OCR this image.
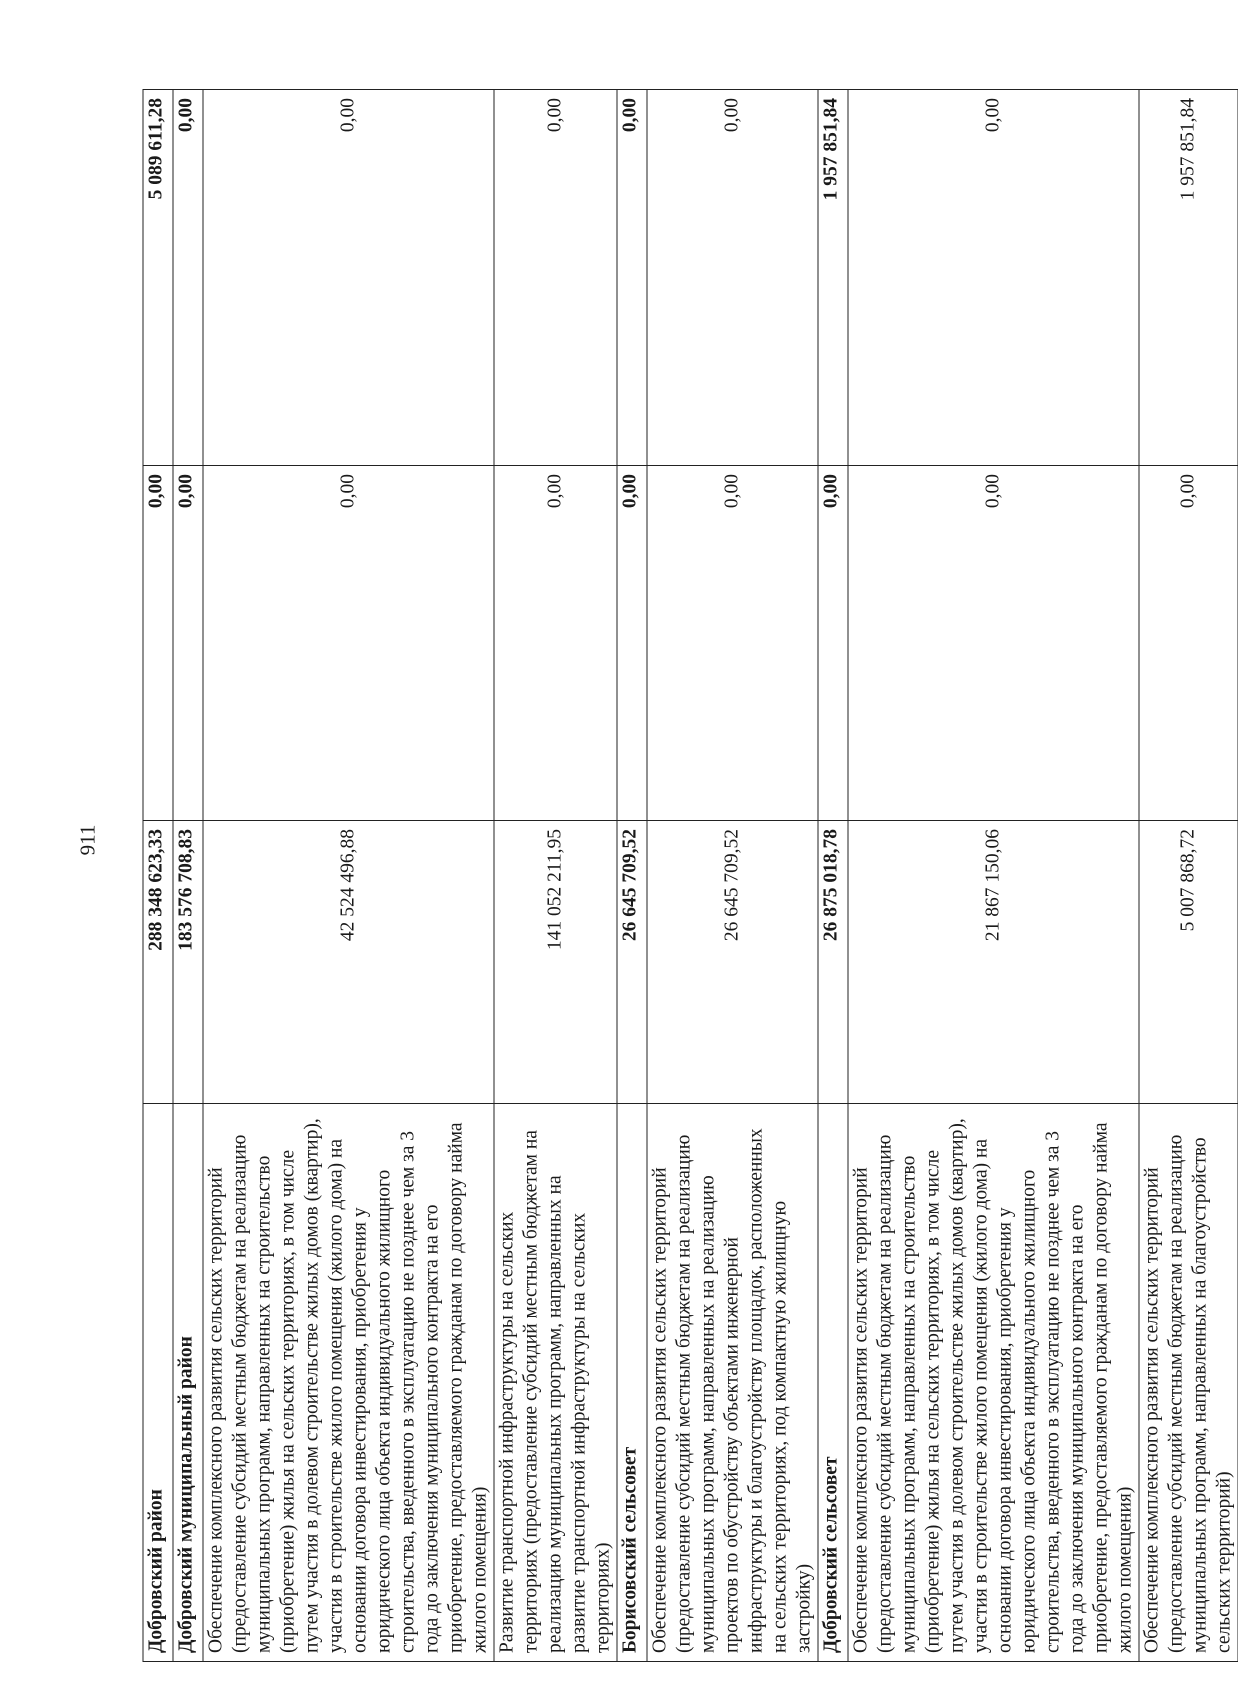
911
Добровский район	288 348 623,33	0,00	5 089 611,28
Добровский муниципальный район	183 576 708,83	0,00	0,00
Обеспечение комплексного развития сельских территорий (предоставление субсидий местным бюджетам на реализацию муниципальных программ, направленных на строительство (приобретение) жилья на сельских территориях, в том числе путем участия в долевом строительстве жилых домов (квартир), участия в строительстве жилого помещения (жилого дома) на основании договора инвестирования, приобретения у юридического лица объекта индивидуального жилищного строительства, введенного в эксплуатацию не позднее чем за 3 года до заключения муниципального контракта на его приобретение, предоставляемого гражданам по договору найма жилого помещения)	42 524 496,88	0,00	0,00
Развитие транспортной инфраструктуры на сельских территориях (предоставление субсидий местным бюджетам на реализацию муниципальных программ, направленных на развитие транспортной инфраструктуры на сельских территориях)	141 052 211,95	0,00	0,00
Борисовский сельсовет	26 645 709,52	0,00	0,00
Обеспечение комплексного развития сельских территорий (предоставление субсидий местным бюджетам на реализацию муниципальных программ, направленных на реализацию проектов по обустройству объектами инженерной инфраструктуры и благоустройству площадок, расположенных на сельских территориях, под компактную жилищную застройку)	26 645 709,52	0,00	0,00
Добровский сельсовет	26 875 018,78	0,00	1 957 851,84
Обеспечение комплексного развития сельских территорий (предоставление субсидий местным бюджетам на реализацию муниципальных программ, направленных на строительство (приобретение) жилья на сельских территориях, в том числе путем участия в долевом строительстве жилых домов (квартир), участия в строительстве жилого помещения (жилого дома) на основании договора инвестирования, приобретения у юридического лица объекта индивидуального жилищного строительства, введенного в эксплуатацию не позднее чем за 3 года до заключения муниципального контракта на его приобретение, предоставляемого гражданам по договору найма жилого помещения)	21 867 150,06	0,00	0,00
Обеспечение комплексного развития сельских территорий (предоставление субсидий местным бюджетам на реализацию муниципальных программ, направленных на благоустройство сельских территорий)	5 007 868,72	0,00	1 957 851,84
